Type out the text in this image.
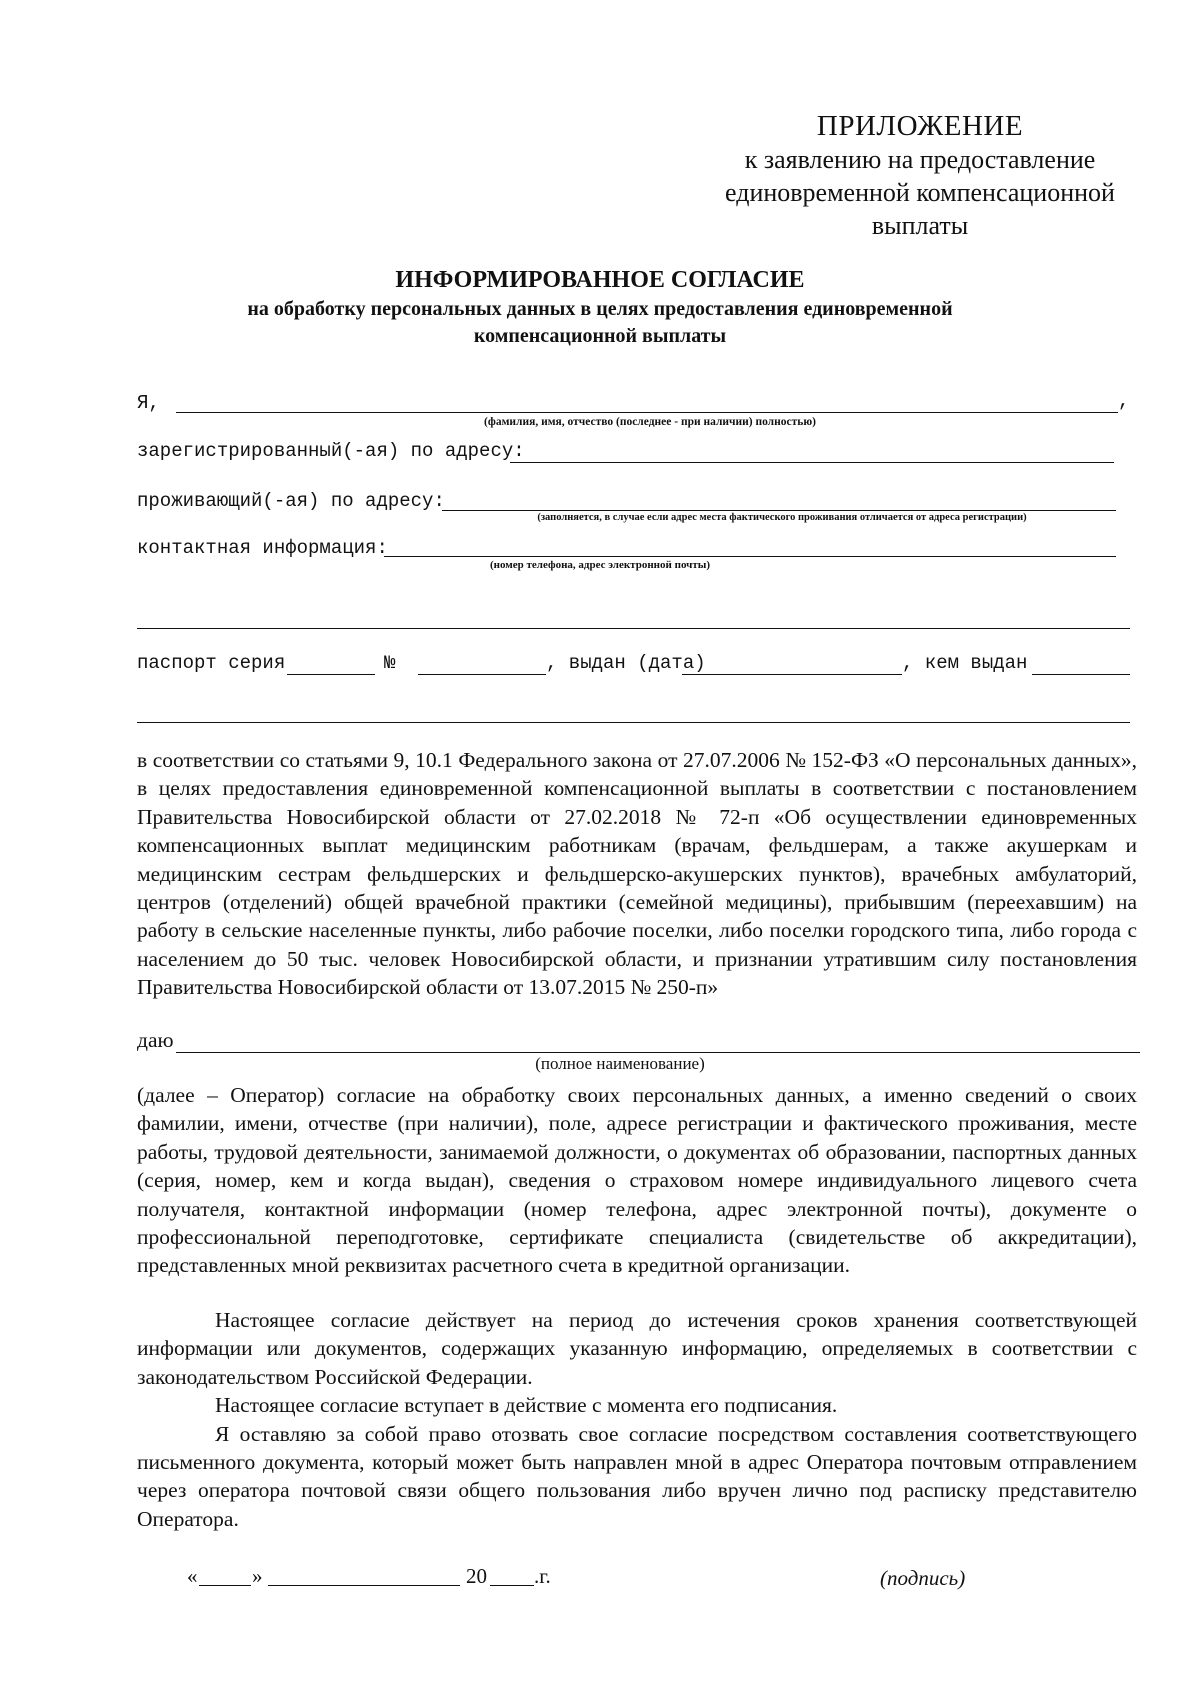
ПРИЛОЖЕНИЕ
к заявлению на предоставление
единовременной компенсационной
выплаты
ИНФОРМИРОВАННОЕ СОГЛАСИЕ
на обработку персональных данных в целях предоставления единовременной
компенсационной выплаты
Я,	,
(фамилия, имя, отчество (последнее - при наличии) полностью)
зарегистрированный(-ая) по адресу:
проживающий(-ая) по адресу:
(заполняется, в случае если адрес места фактического проживания отличается от адреса регистрации)
контактная информация:
(номер телефона, адрес электронной почты)
паспорт серия	№	, выдан (дата)	, кем выдан

в соответствии со статьями 9, 10.1 Федерального закона от 27.07.2006 № 152-ФЗ «О персональных данных», в целях предоставления единовременной компенсационной выплаты в соответствии с постановлением Правительства Новосибирской области от 27.02.2018 № 72-п «Об осуществлении единовременных компенсационных выплат медицинским работникам (врачам, фельдшерам, а также акушеркам и медицинским сестрам фельдшерских и фельдшерско-акушерских пунктов), врачебных амбулаторий, центров (отделений) общей врачебной практики (семейной медицины), прибывшим (переехавшим) на работу в сельские населенные пункты, либо рабочие поселки, либо поселки городского типа, либо города с населением до 50 тыс. человек Новосибирской области, и признании утратившим силу постановления Правительства Новосибирской области от 13.07.2015 № 250-п»

даю
(полное наименование)

(далее – Оператор) согласие на обработку своих персональных данных, а именно сведений о своих фамилии, имени, отчестве (при наличии), поле, адресе регистрации и фактического проживания, месте работы, трудовой деятельности, занимаемой должности, о документах об образовании, паспортных данных (серия, номер, кем и когда выдан), сведения о страховом номере индивидуального лицевого счета получателя, контактной информации (номер телефона, адрес электронной почты), документе о профессиональной переподготовке, сертификате специалиста (свидетельстве об аккредитации), представленных мной реквизитах расчетного счета в кредитной организации.

Настоящее согласие действует на период до истечения сроков хранения соответствующей информации или документов, содержащих указанную информацию, определяемых в соответствии с законодательством Российской Федерации.

Настоящее согласие вступает в действие с момента его подписания.

Я оставляю за собой право отозвать свое согласие посредством составления соответствующего письменного документа, который может быть направлен мной в адрес Оператора почтовым отправлением через оператора почтовой связи общего пользования либо вручен лично под расписку представителю Оператора.

«	»	20 .г.	(подпись)
